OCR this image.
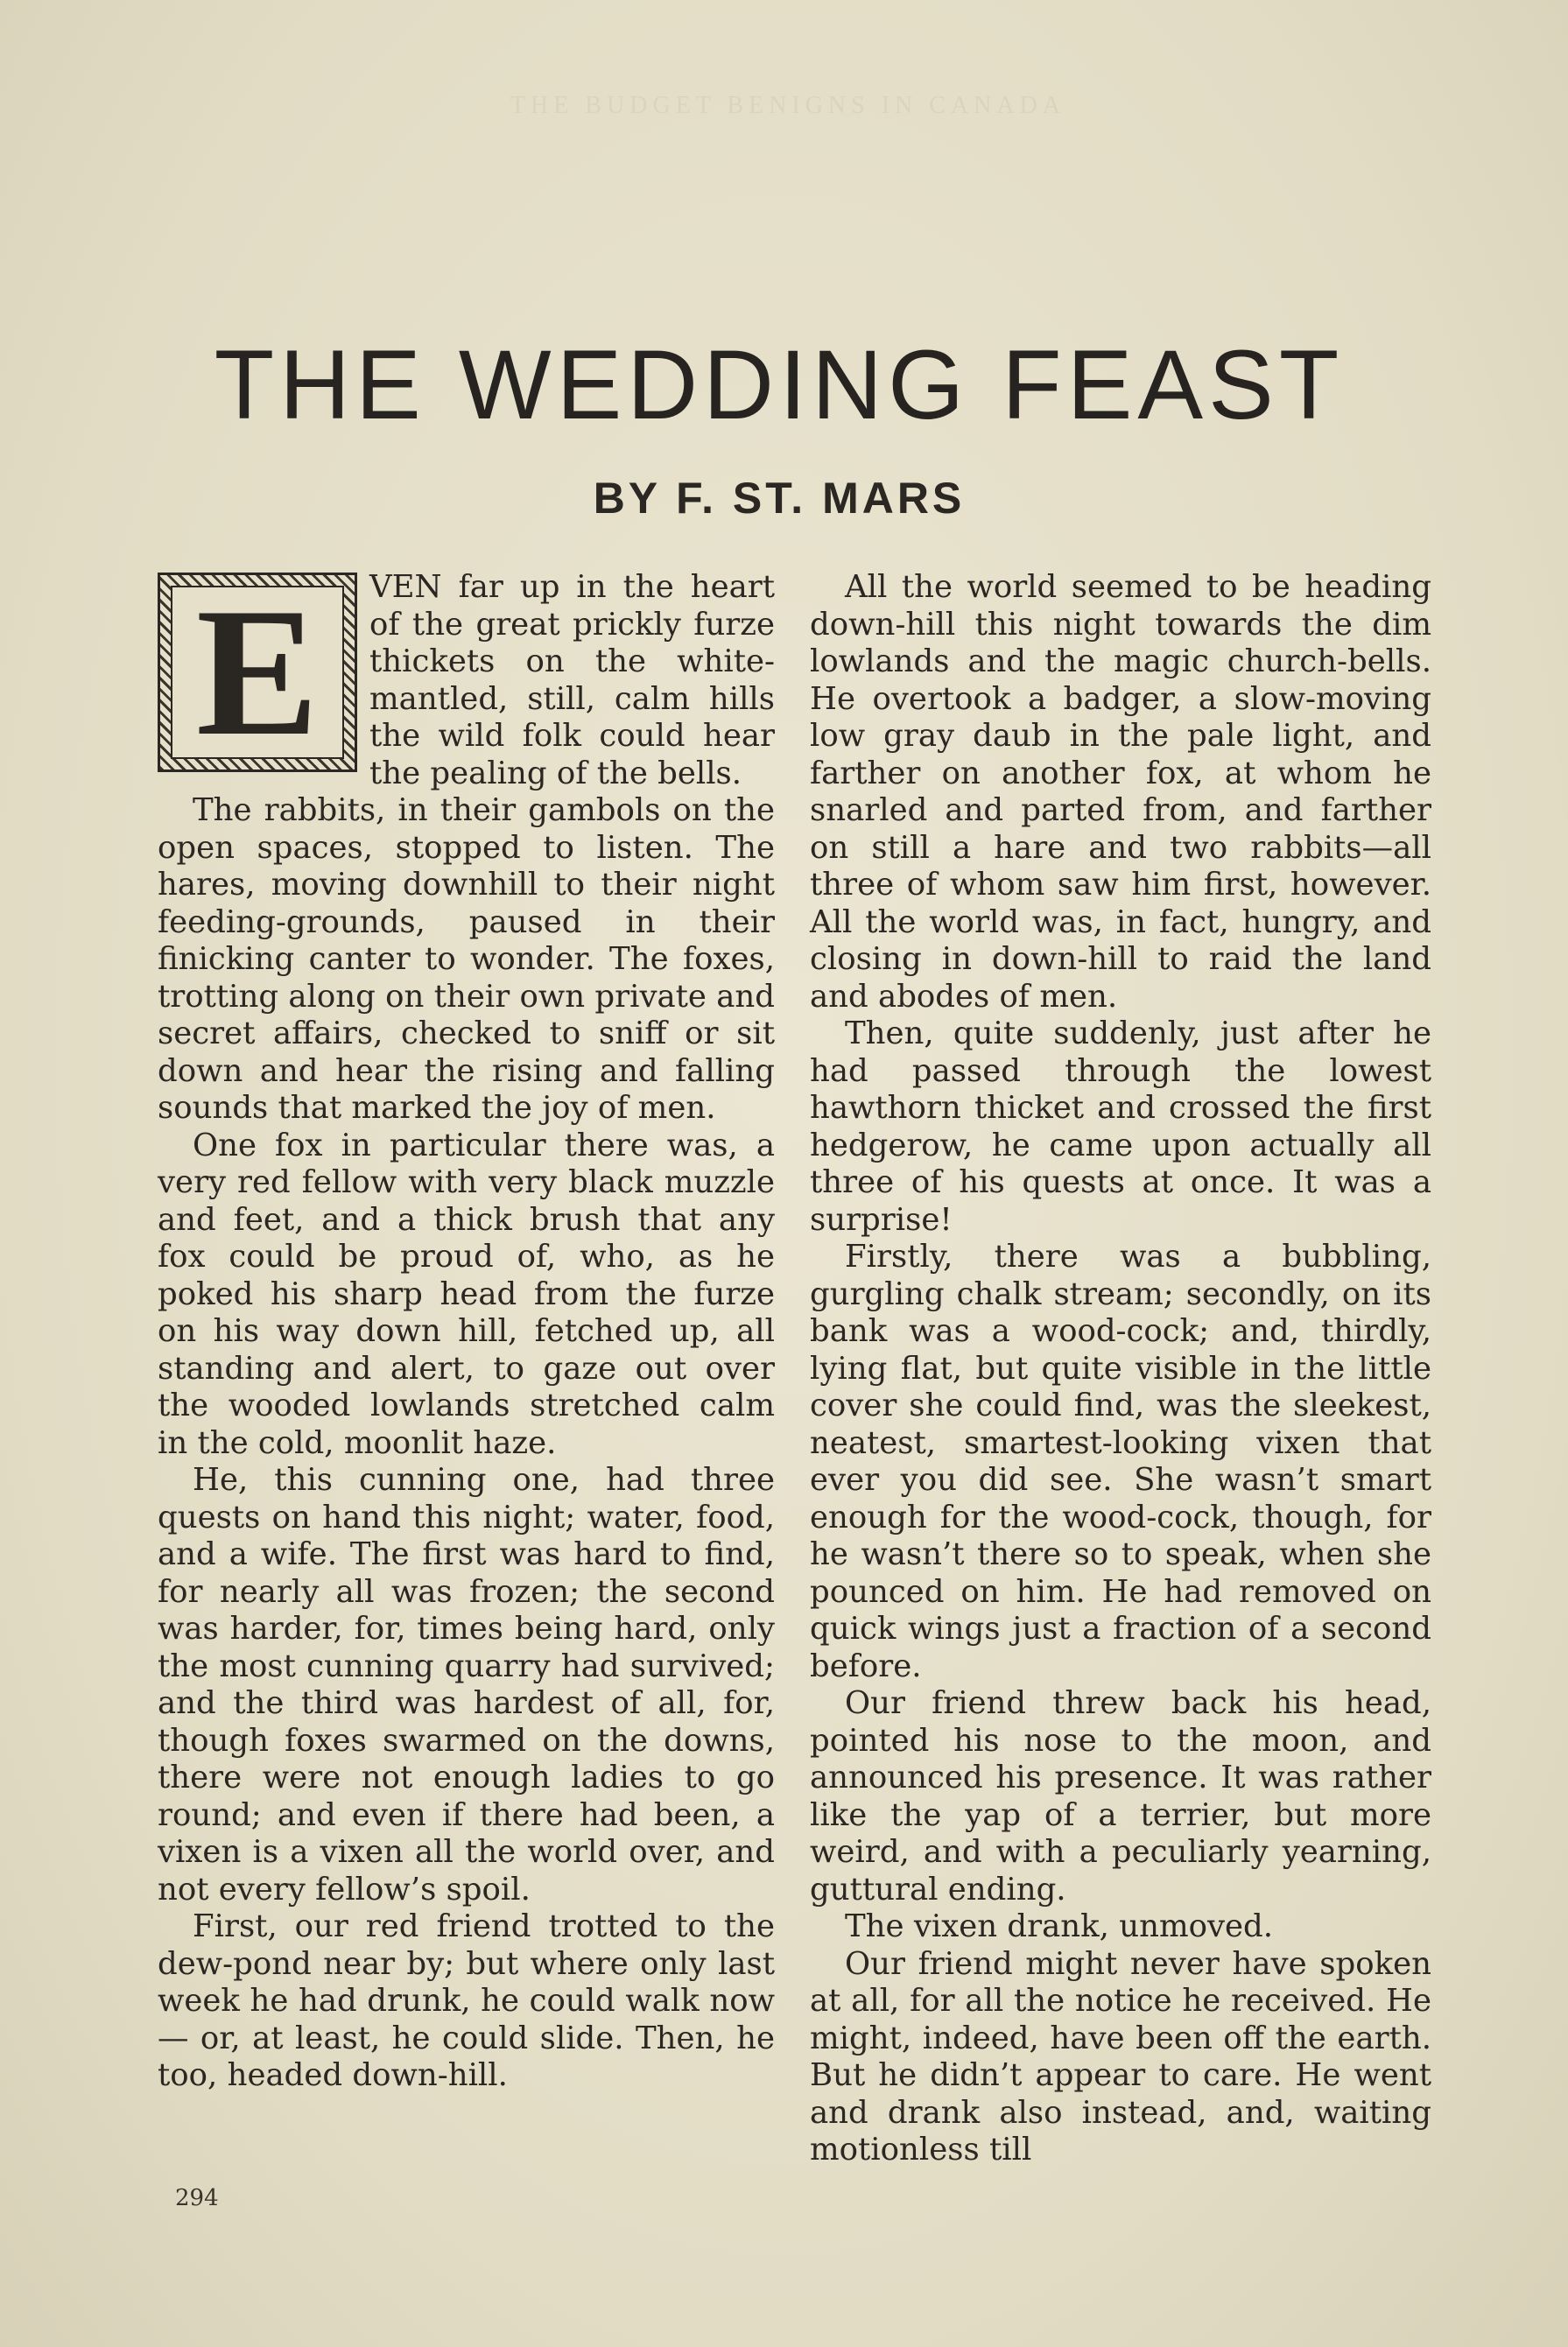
THE BUDGET BENIGNS IN CANADA
THE WEDDING FEAST
BY F. ST. MARS
E	VEN far up in the heart of the great prickly furze thickets on the white-mantled, still, calm hills the wild folk could hear the pealing of the bells.

The rabbits, in their gambols on the open spaces, stopped to listen. The hares, moving downhill to their night feeding-grounds, paused in their finicking canter to wonder. The foxes, trotting along on their own private and secret affairs, checked to sniff or sit down and hear the rising and falling sounds that marked the joy of men.

One fox in particular there was, a very red fellow with very black muzzle and feet, and a thick brush that any fox could be proud of, who, as he poked his sharp head from the furze on his way down hill, fetched up, all standing and alert, to gaze out over the wooded lowlands stretched calm in the cold, moonlit haze.

He, this cunning one, had three quests on hand this night; water, food, and a wife. The first was hard to find, for nearly all was frozen; the second was harder, for, times being hard, only the most cunning quarry had survived; and the third was hardest of all, for, though foxes swarmed on the downs, there were not enough ladies to go round; and even if there had been, a vixen is a vixen all the world over, and not every fellow’s spoil.

First, our red friend trotted to the dew-pond near by; but where only last week he had drunk, he could walk now — or, at least, he could slide. Then, he too, headed down-hill.

All the world seemed to be heading down-hill this night towards the dim lowlands and the magic church-bells. He overtook a badger, a slow-moving low gray daub in the pale light, and farther on another fox, at whom he snarled and parted from, and farther on still a hare and two rabbits—all three of whom saw him first, however. All the world was, in fact, hungry, and closing in down-hill to raid the land and abodes of men.

Then, quite suddenly, just after he had passed through the lowest hawthorn thicket and crossed the first hedgerow, he came upon actually all three of his quests at once. It was a surprise!

Firstly, there was a bubbling, gurgling chalk stream; secondly, on its bank was a wood-cock; and, thirdly, lying flat, but quite visible in the little cover she could find, was the sleekest, neatest, smartest-looking vixen that ever you did see. She wasn’t smart enough for the wood-cock, though, for he wasn’t there so to speak, when she pounced on him. He had removed on quick wings just a fraction of a second before.

Our friend threw back his head, pointed his nose to the moon, and announced his presence. It was rather like the yap of a terrier, but more weird, and with a peculiarly yearning, guttural ending.

The vixen drank, unmoved.

Our friend might never have spoken at all, for all the notice he received. He might, indeed, have been off the earth. But he didn’t appear to care. He went and drank also instead, and, waiting motionless till

294
